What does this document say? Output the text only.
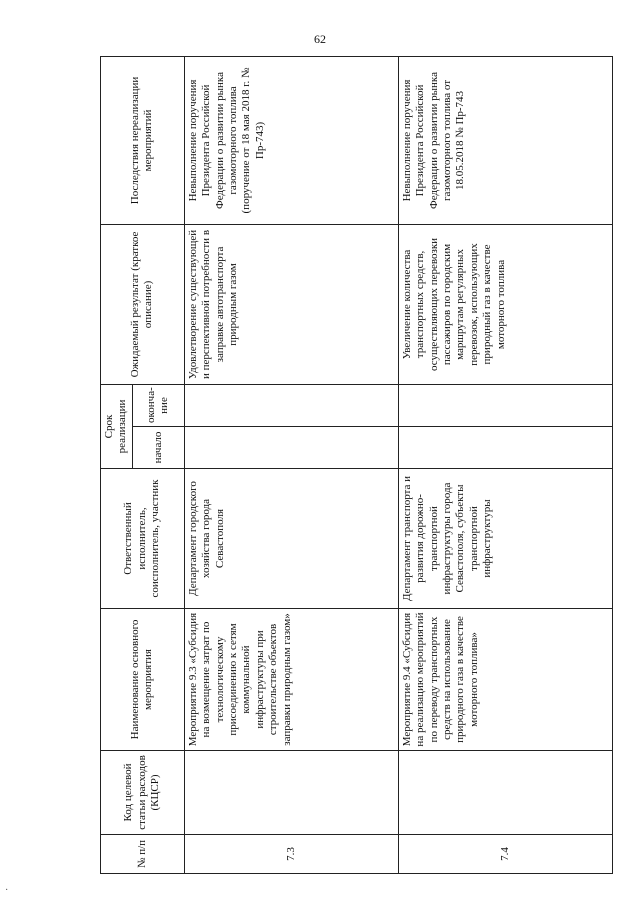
62
№ п/п	Код целевой статьи расходов (КЦСР)	Наименование основного мероприятия	Ответственный исполнитель, соисполнитель, участник	Срок реализации		Ожидаемый результат (краткое описание)	Последствия нереализации мероприятий
				начало	оконча-ние		
7.3		Мероприятие 9.3 «Субсидия на возмещение затрат по технологическому присоединению к сетям коммунальной инфраструктуры при строительстве объектов заправки природным газом»	Департамент городского хозяйства города Севастополя			Удовлетворение существующей и перспективной потребности в заправке автотранспорта природным газом	Невыполнение поручения Президента Российской Федерации о развитии рынка газомоторного топлива (поручение от 18 мая 2018 г. № Пр-743)
7.4		Мероприятие 9.4 «Субсидия на реализацию мероприятий по переводу транспортных средств на использование природного газа в качестве моторного топлива»	Департамент транспорта и развития дорожно-транспортной инфраструктуры города Севастополя, субъекты транспортной инфраструктуры			Увеличение количества транспортных средств, осуществляющих перевозки пассажиров по городским маршрутам регулярных перевозок, использующих природный газ в качестве моторного топлива	Невыполнение поручения Президента Российской Федерации о развитии рынка газомоторного топлива от 18.05.2018 № Пр-743
·
